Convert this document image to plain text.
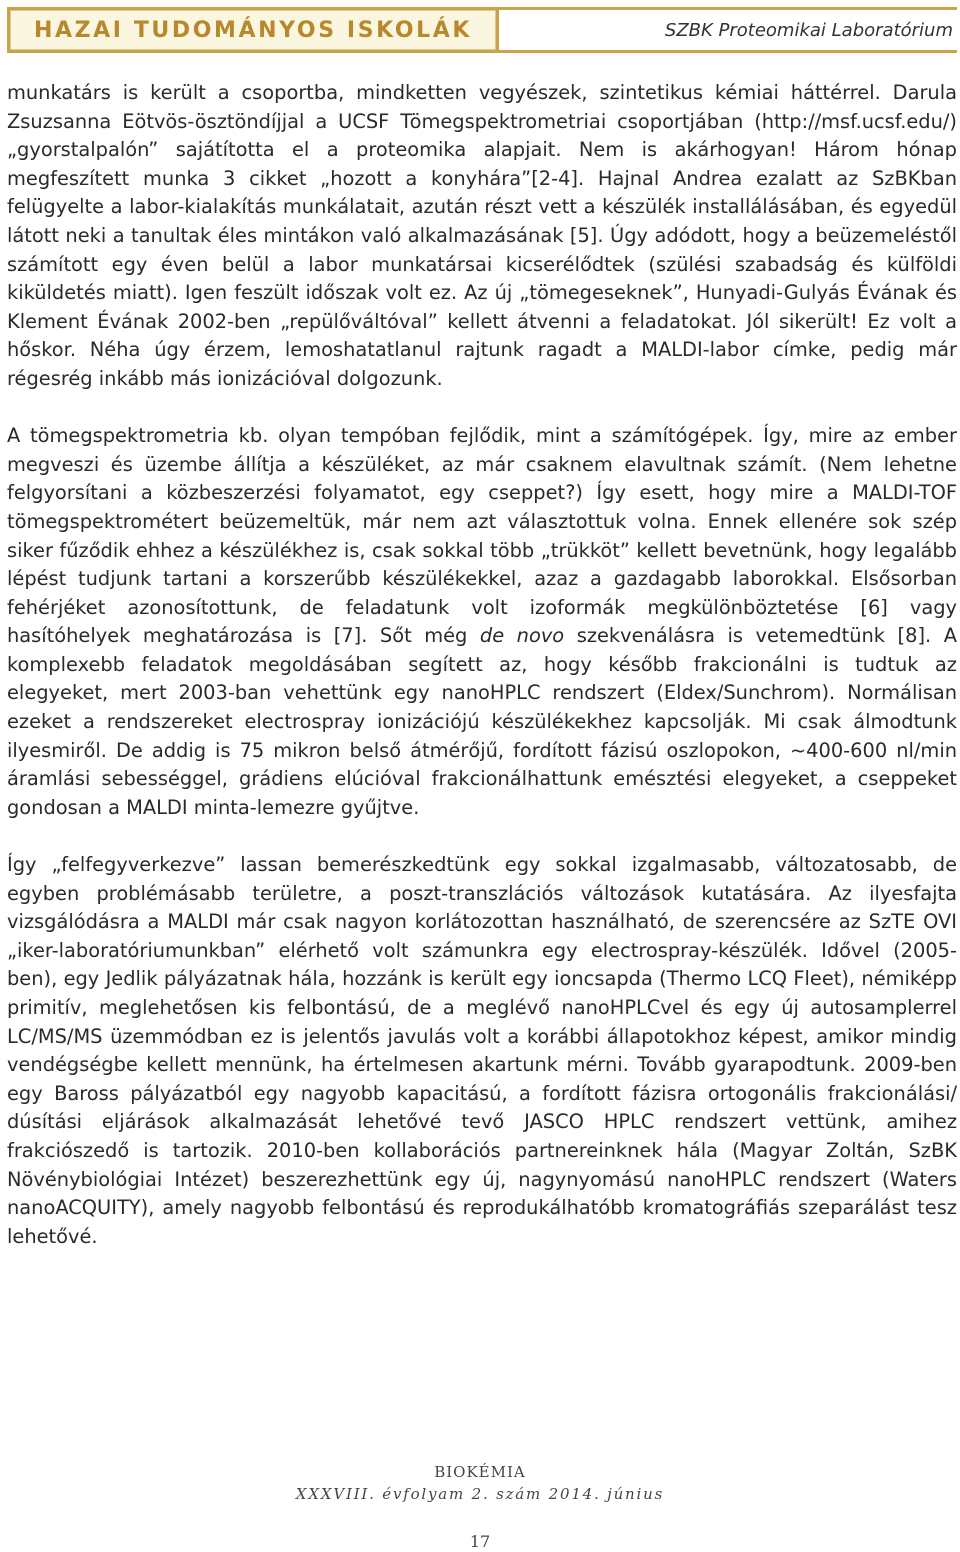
HAZAI TUDOMÁNYOS ISKOLÁK	SZBK Proteomikai Laboratórium

munkatárs is került a csoportba, mindketten vegyészek, szintetikus kémiai háttérrel. Darula Zsuzsanna Eötvös-ösztöndíjjal a UCSF Tömegspektrometriai csoportjában (http://msf.ucsf.edu/) „gyorstalpalón” sajátította el a proteomika alapjait. Nem is akárhogyan! Három hónap megfeszített munka 3 cikket „hozott a konyhára”[2-4]. Hajnal Andrea ezalatt az SzBKban felügyelte a labor-kialakítás munkálatait, azután részt vett a készülék installálásában, és egyedül látott neki a tanultak éles mintákon való alkalmazásának [5]. Úgy adódott, hogy a beüzemeléstől számított egy éven belül a labor munkatársai kicserélődtek (szülési szabadság és külföldi kiküldetés miatt). Igen feszült időszak volt ez. Az új „tömegeseknek”, Hunyadi-Gulyás Évának és Klement Évának 2002-ben „repülőváltóval” kellett átvenni a feladatokat. Jól sikerült! Ez volt a hőskor. Néha úgy érzem, lemoshatatlanul rajtunk ragadt a MALDI-labor címke, pedig már régesrég inkább más ionizációval dolgozunk.

A tömegspektrometria kb. olyan tempóban fejlődik, mint a számítógépek. Így, mire az ember megveszi és üzembe állítja a készüléket, az már csaknem elavultnak számít. (Nem lehetne felgyorsítani a közbeszerzési folyamatot, egy cseppet?) Így esett, hogy mire a MALDI-TOF tömegspektrométert beüzemeltük, már nem azt választottuk volna. Ennek ellenére sok szép siker fűződik ehhez a készülékhez is, csak sokkal több „trükköt” kellett bevetnünk, hogy legalább lépést tudjunk tartani a korszerűbb készülékekkel, azaz a gazdagabb laborokkal. Elsősorban fehérjéket azonosítottunk, de feladatunk volt izoformák megkülönböztetése [6] vagy hasítóhelyek meghatározása is [7]. Sőt még de novo szekvenálásra is vetemedtünk [8]. A komplexebb feladatok megoldásában segített az, hogy később frakcionálni is tudtuk az elegyeket, mert 2003-ban vehettünk egy nanoHPLC rendszert (Eldex/Sunchrom). Normálisan ezeket a rendszereket electrospray ionizációjú készülékekhez kapcsolják. Mi csak álmodtunk ilyesmiről. De addig is 75 mikron belső átmérőjű, fordított fázisú oszlopokon, ~400-600 nl/min áramlási sebességgel, grádiens elúcióval frakcionálhattunk emésztési elegyeket, a cseppeket gondosan a MALDI minta-lemezre gyűjtve.

Így „felfegyverkezve” lassan bemerészkedtünk egy sokkal izgalmasabb, változatosabb, de egyben problémásabb területre, a poszt-transzlációs változások kutatására. Az ilyesfajta vizsgálódásra a MALDI már csak nagyon korlátozottan használható, de szerencsére az SzTE OVI „iker-laboratóriumunkban” elérhető volt számunkra egy electrospray-készülék. Idővel (2005-ben), egy Jedlik pályázatnak hála, hozzánk is került egy ioncsapda (Thermo LCQ Fleet), némiképp primitív, meglehetősen kis felbontású, de a meglévő nanoHPLCvel és egy új autosamplerrel LC/MS/MS üzemmódban ez is jelentős javulás volt a korábbi állapotokhoz képest, amikor mindig vendégségbe kellett mennünk, ha értelmesen akartunk mérni. Tovább gyarapodtunk. 2009-ben egy Baross pályázatból egy nagyobb kapacitású, a fordított fázisra ortogonális frakcionálási/ dúsítási eljárások alkalmazását lehetővé tevő JASCO HPLC rendszert vettünk, amihez frakciószedő is tartozik. 2010-ben kollaborációs partnereinknek hála (Magyar Zoltán, SzBK Növénybiológiai Intézet) beszerezhettünk egy új, nagynyomású nanoHPLC rendszert (Waters nanoACQUITY), amely nagyobb felbontású és reprodukálhatóbb kromatográfiás szeparálást tesz lehetővé.

BIOKÉMIA
XXXVIII. évfolyam 2. szám 2014. június
17
